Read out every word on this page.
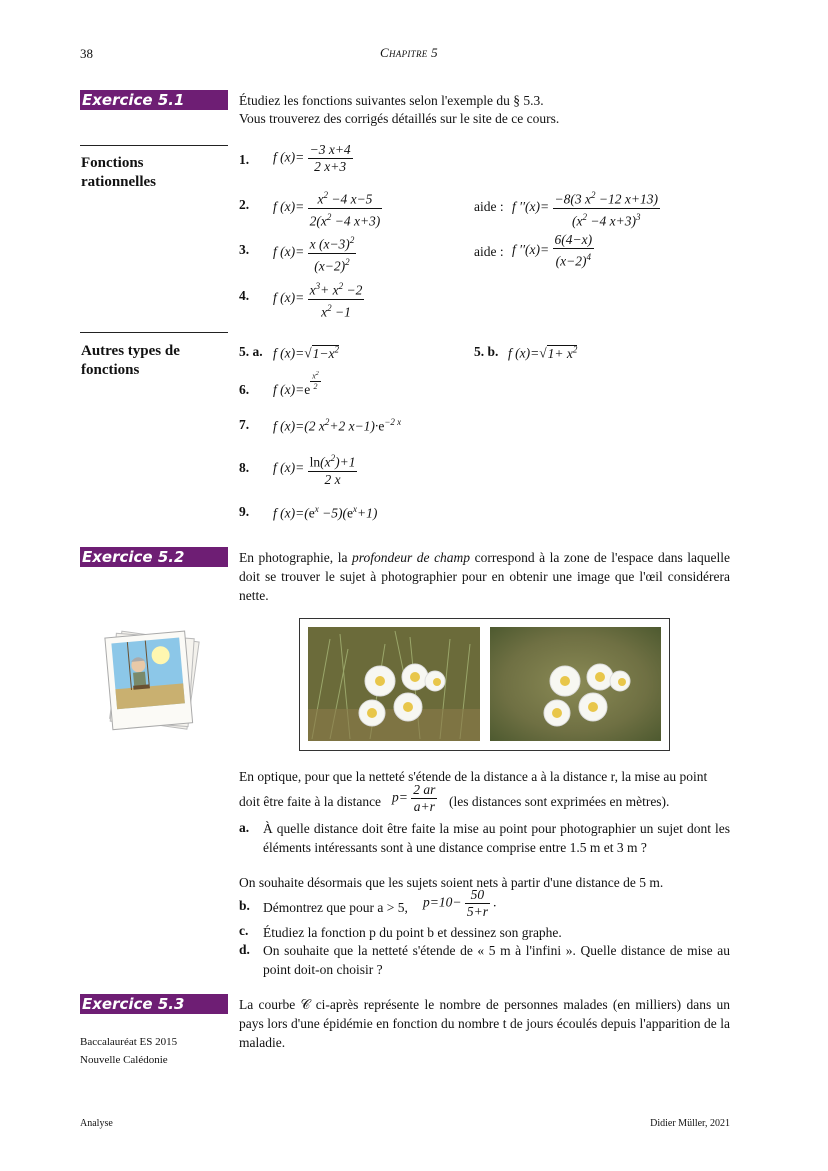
38	Chapitre 5
Exercice 5.1	Étudiez les fonctions suivantes selon l'exemple du § 5.3.
Vous trouverez des corrigés détaillés sur le site de ce cours.
Fonctions rationnelles
1. f $(x)= \frac{-3 x+4}{2 x+3}$
2. f $(x)= \frac{x^2 -4 x-5}{2(x^2 -4 x+3)}$	aide : f $''(x)= \frac{-8(3 x^2 -12 x+13)}{(x^2 -4 x+3)^3}$
3. f $(x)= \frac{x (x-3)^2}{(x-2)^2}$	aide : f $''(x)= \frac{6(4-x)}{(x-2)^4}$
4. f $(x)= \frac{x^3+ x^2 -2}{x^2 -1}$
Autres types de fonctions
5. a. f $(x)=√1-x^2$	5. b. f $(x)=√1+ x^2$
6. f $(x)=e \frac{x^2}{2}$
7. f (x)=(2 $x^2+2$ $x-1)\cdot e^{-2 x}$
8. f $(x)= \frac{\ln(x^2)+1}{2 x}$
9. f $(x)=(e^x -5)(e^x+1)$
Exercice 5.2	En photographie, la profondeur de champ correspond à la zone de l'espace dans laquelle doit se trouver le sujet à photographier pour en obtenir une image que l'œil considérera nette.
En optique, pour que la netteté s'étende de la distance a à la distance r, la mise au point
doit être faite à la distance $p= \frac{2 ar}{a+r} (les$ distances sont exprimées en mètres).
a. À quelle distance doit être faite la mise au point pour photographier un sujet dont les éléments intéressants sont à une distance comprise entre 1.5 m et 3 m ?
On souhaite désormais que les sujets soient nets à partir d'une distance de 5 m.
b. Démontrez que pour a > 5, $p=10- \frac{50}{5+r}$ .
c. Étudiez la fonction p du point b et dessinez son graphe.
d. On souhaite que la netteté s'étende de « 5 m à l'infini ». Quelle distance de mise au point doit-on choisir ?
Exercice 5.3	La courbe 𝒞 ci-après représente le nombre de personnes malades (en milliers) dans un pays lors d'une épidémie en fonction du nombre t de jours écoulés depuis l'apparition de la maladie.
Baccalauréat ES 2015
Nouvelle Calédonie
Analyse	Didier Müller, 2021
